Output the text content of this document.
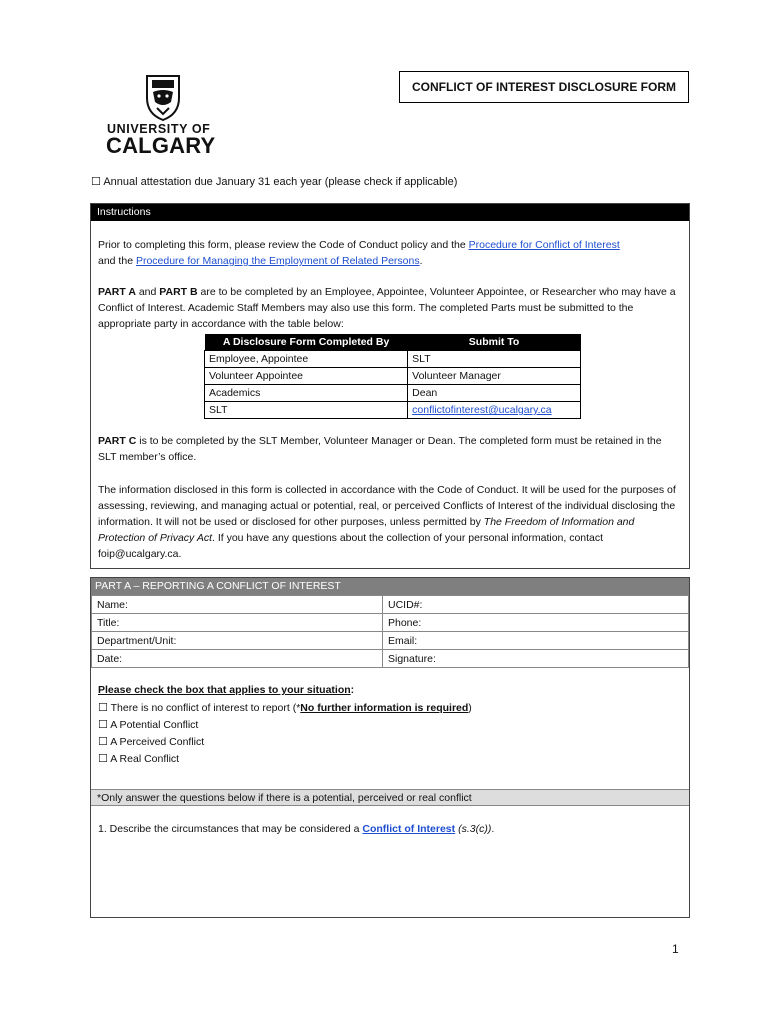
UNIVERSITY OF
CALGARY
CONFLICT OF INTEREST DISCLOSURE FORM
☐ Annual attestation due January 31 each year (please check if applicable)
Instructions
Prior to completing this form, please review the Code of Conduct policy and the Procedure for Conflict of Interest
and the Procedure for Managing the Employment of Related Persons.
PART A and PART B are to be completed by an Employee, Appointee, Volunteer Appointee, or Researcher who may have a Conflict of Interest. Academic Staff Members may also use this form. The completed Parts must be submitted to the appropriate party in accordance with the table below:
A Disclosure Form Completed By	Submit To
Employee, Appointee	SLT
Volunteer Appointee	Volunteer Manager
Academics	Dean
SLT	conflictofinterest@ucalgary.ca
PART C is to be completed by the SLT Member, Volunteer Manager or Dean. The completed form must be retained in the SLT member’s office.
The information disclosed in this form is collected in accordance with the Code of Conduct. It will be used for the purposes of assessing, reviewing, and managing actual or potential, real, or perceived Conflicts of Interest of the individual disclosing the information. It will not be used or disclosed for other purposes, unless permitted by The Freedom of Information and Protection of Privacy Act. If you have any questions about the collection of your personal information, contact foip@ucalgary.ca.
PART A – REPORTING A CONFLICT OF INTEREST
Name:	UCID#:
Title:	Phone:
Department/Unit:	Email:
Date:	Signature:
Please check the box that applies to your situation:
☐ There is no conflict of interest to report (*No further information is required)
☐ A Potential Conflict
☐ A Perceived Conflict
☐ A Real Conflict
*Only answer the questions below if there is a potential, perceived or real conflict
1. Describe the circumstances that may be considered a Conflict of Interest (s.3(c)).
1
